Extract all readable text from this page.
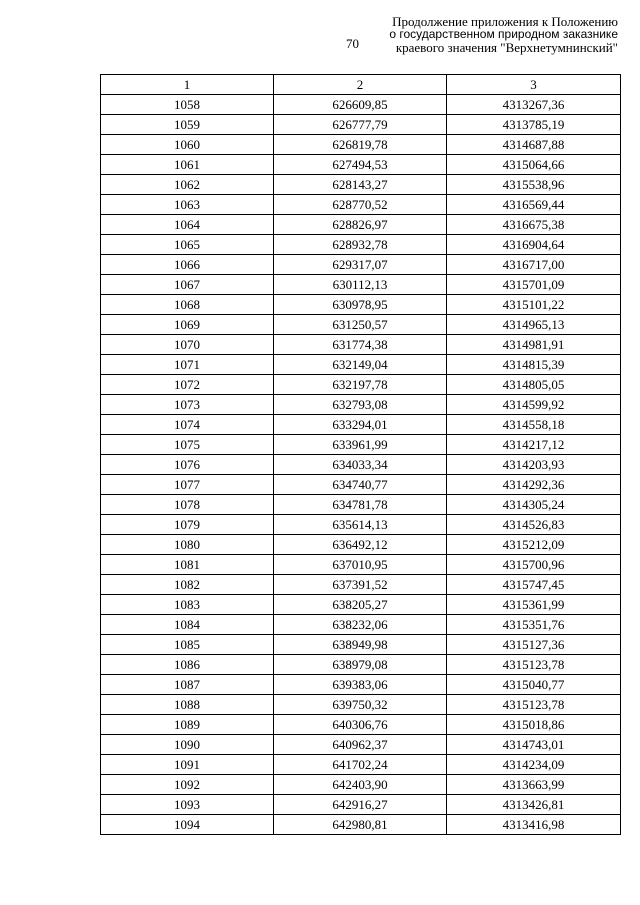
70
Продолжение приложения к Положению
о государственном природном заказнике
краевого значения "Верхнетумнинский"
1	2	3
1058	626609,85	4313267,36
1059	626777,79	4313785,19
1060	626819,78	4314687,88
1061	627494,53	4315064,66
1062	628143,27	4315538,96
1063	628770,52	4316569,44
1064	628826,97	4316675,38
1065	628932,78	4316904,64
1066	629317,07	4316717,00
1067	630112,13	4315701,09
1068	630978,95	4315101,22
1069	631250,57	4314965,13
1070	631774,38	4314981,91
1071	632149,04	4314815,39
1072	632197,78	4314805,05
1073	632793,08	4314599,92
1074	633294,01	4314558,18
1075	633961,99	4314217,12
1076	634033,34	4314203,93
1077	634740,77	4314292,36
1078	634781,78	4314305,24
1079	635614,13	4314526,83
1080	636492,12	4315212,09
1081	637010,95	4315700,96
1082	637391,52	4315747,45
1083	638205,27	4315361,99
1084	638232,06	4315351,76
1085	638949,98	4315127,36
1086	638979,08	4315123,78
1087	639383,06	4315040,77
1088	639750,32	4315123,78
1089	640306,76	4315018,86
1090	640962,37	4314743,01
1091	641702,24	4314234,09
1092	642403,90	4313663,99
1093	642916,27	4313426,81
1094	642980,81	4313416,98
